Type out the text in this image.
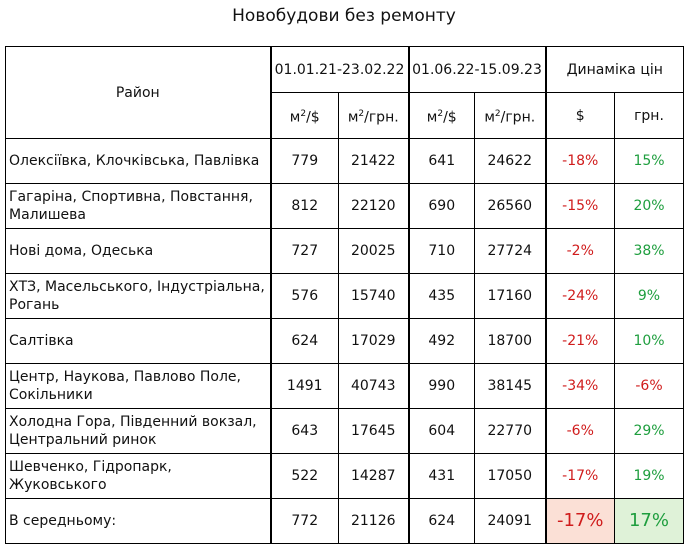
Новобудови без ремонту
Район	01.01.21-23.02.22		01.06.22-15.09.23		Динаміка цін	
	$м^2/\$$	$м^2$/грн.	$м^2/\$$	$м^2$/грн.	$	грн.
Олексіївка, Клочківська, Павлівка	779	21422	641	24622	-18%	15%
Гагаріна, Спортивна, Повстання, Малишева	812	22120	690	26560	-15%	20%
Нові дома, Одеська	727	20025	710	27724	-2%	38%
ХТЗ, Масельського, Індустріальна, Рогань	576	15740	435	17160	-24%	9%
Салтівка	624	17029	492	18700	-21%	10%
Центр, Наукова, Павлово Поле, Сокільники	1491	40743	990	38145	-34%	-6%
Холодна Гора, Південний вокзал, Центральний ринок	643	17645	604	22770	-6%	29%
Шевченко, Гідропарк, Жуковського	522	14287	431	17050	-17%	19%
В середньому:	772	21126	624	24091	-17%	17%
